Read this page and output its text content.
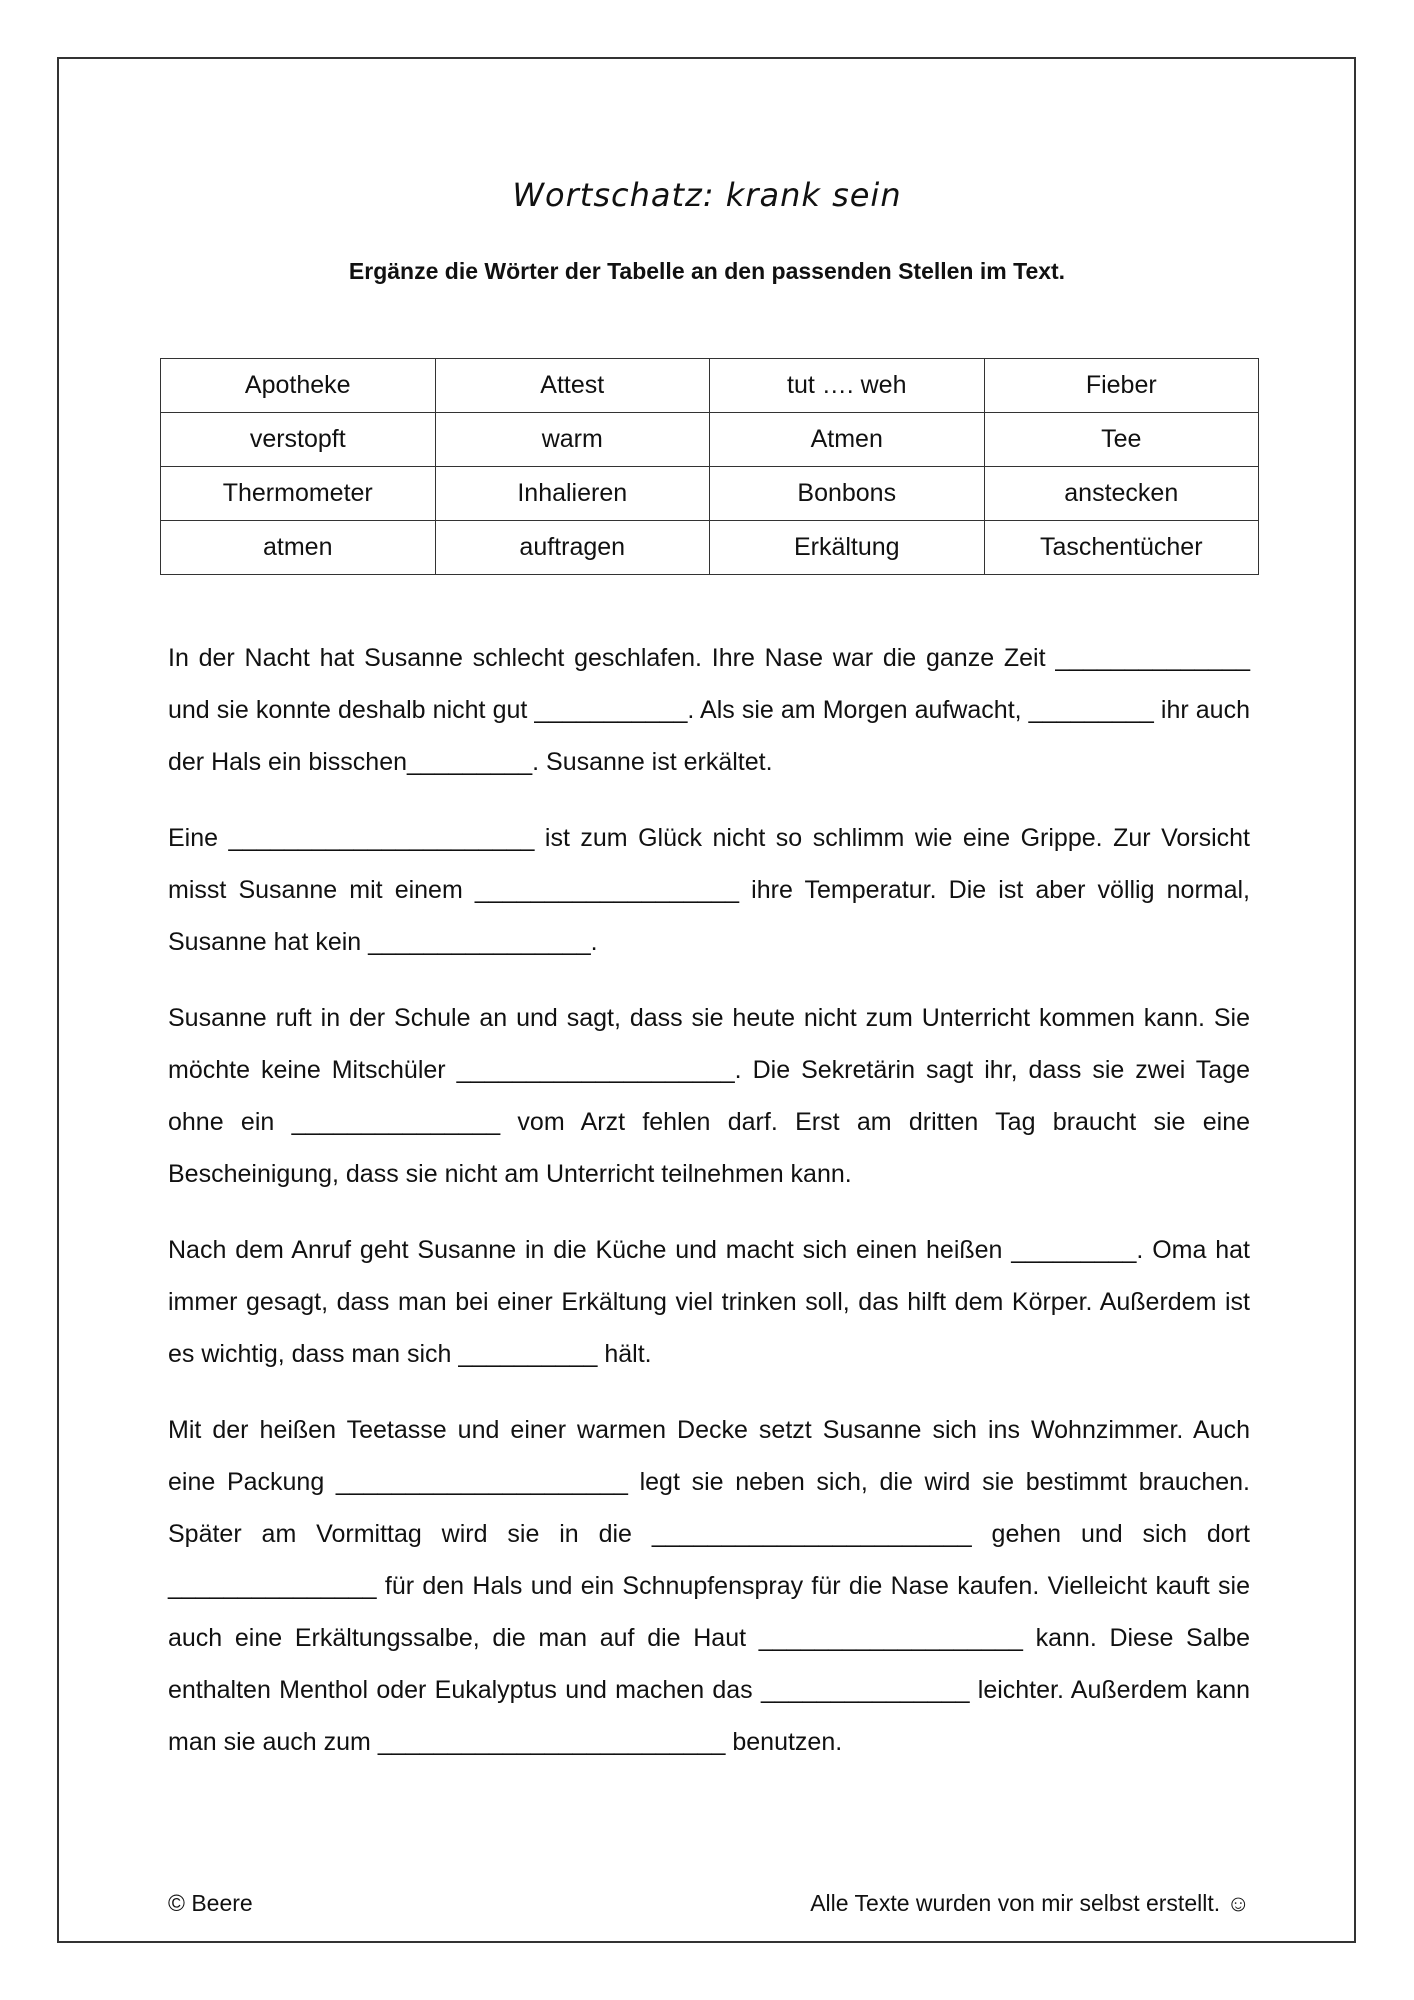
Wortschatz: krank sein
Ergänze die Wörter der Tabelle an den passenden Stellen im Text.
Apotheke	Attest	tut …. weh	Fieber
verstopft	warm	Atmen	Tee
Thermometer	Inhalieren	Bonbons	anstecken
atmen	auftragen	Erkältung	Taschentücher

In der Nacht hat Susanne schlecht geschlafen. Ihre Nase war die ganze Zeit ______________ und sie konnte deshalb nicht gut ___________. Als sie am Morgen aufwacht, _________ ihr auch der Hals ein bisschen_________. Susanne ist erkältet.

Eine ______________________ ist zum Glück nicht so schlimm wie eine Grippe. Zur Vorsicht misst Susanne mit einem ___________________ ihre Temperatur. Die ist aber völlig normal, Susanne hat kein ________________.

Susanne ruft in der Schule an und sagt, dass sie heute nicht zum Unterricht kommen kann. Sie möchte keine Mitschüler ____________________. Die Sekretärin sagt ihr, dass sie zwei Tage ohne ein _______________ vom Arzt fehlen darf. Erst am dritten Tag braucht sie eine Bescheinigung, dass sie nicht am Unterricht teilnehmen kann.

Nach dem Anruf geht Susanne in die Küche und macht sich einen heißen _________. Oma hat immer gesagt, dass man bei einer Erkältung viel trinken soll, das hilft dem Körper. Außerdem ist es wichtig, dass man sich __________ hält.

Mit der heißen Teetasse und einer warmen Decke setzt Susanne sich ins Wohnzimmer. Auch eine Packung _____________________ legt sie neben sich, die wird sie bestimmt brauchen. Später am Vormittag wird sie in die _______________________ gehen und sich dort _______________ für den Hals und ein Schnupfenspray für die Nase kaufen. Vielleicht kauft sie auch eine Erkältungssalbe, die man auf die Haut ___________________ kann. Diese Salbe enthalten Menthol oder Eukalyptus und machen das _______________ leichter. Außerdem kann man sie auch zum _________________________ benutzen.

© Beere	Alle Texte wurden von mir selbst erstellt. ☺
